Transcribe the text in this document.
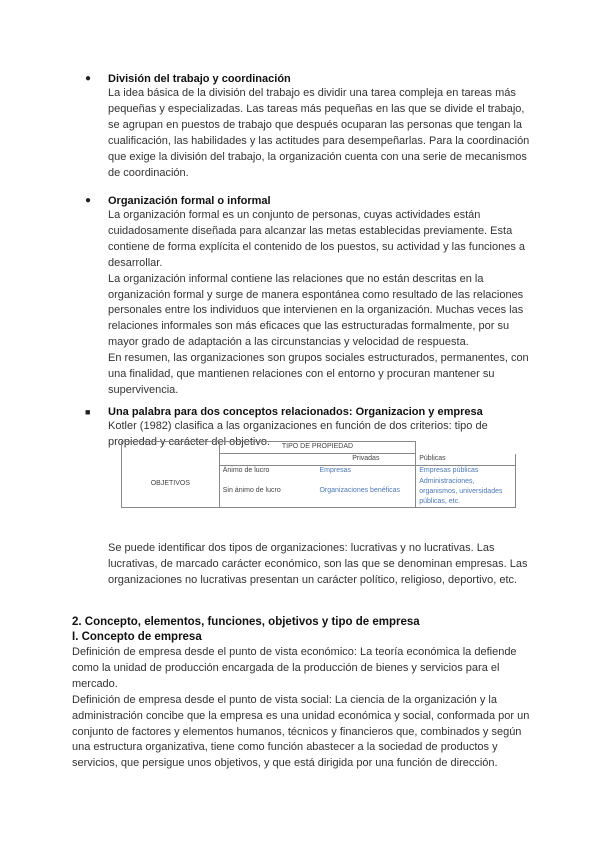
●	División del trabajo y coordinación

La idea básica de la división del trabajo es dividir una tarea compleja en tareas más pequeñas y especializadas. Las tareas más pequeñas en las que se divide el trabajo, se agrupan en puestos de trabajo que después ocuparan las personas que tengan la cualificación, las habilidades y las actitudes para desempeñarlas. Para la coordinación que exige la división del trabajo, la organización cuenta con una serie de mecanismos de coordinación.

●	Organización formal o informal

La organización formal es un conjunto de personas, cuyas actividades están cuidadosamente diseñada para alcanzar las metas establecidas previamente. Esta contiene de forma explícita el contenido de los puestos, su actividad y las funciones a desarrollar.

La organización informal contiene las relaciones que no están descritas en la organización formal y surge de manera espontánea como resultado de las relaciones personales entre los individuos que intervienen en la organización. Muchas veces las relaciones informales son más eficaces que las estructuradas formalmente, por su mayor grado de adaptación a las circunstancias y velocidad de respuesta.

En resumen, las organizaciones son grupos sociales estructurados, permanentes, con una finalidad, que mantienen relaciones con el entorno y procuran mantener su supervivencia.

■	Una palabra para dos conceptos relacionados: Organizacion y empresa

Kotler (1982) clasifica a las organizaciones en función de dos criterios: tipo de propiedad y carácter del objetivo.

		TIPO DE PROPIEDAD		
		Privadas	Públicas
OBJETIVOS	Ánimo de lucro	Empresas	Empresas públicas
	Sin ánimo de lucro	Organizaciones benéficas	Administraciones, organismos, universidades públicas, etc.

Se puede identificar dos tipos de organizaciones: lucrativas y no lucrativas. Las lucrativas, de marcado carácter económico, son las que se denominan empresas. Las organizaciones no lucrativas presentan un carácter político, religioso, deportivo, etc.

2. Concepto, elementos, funciones, objetivos y tipo de empresa
I. Concepto de empresa

Definición de empresa desde el punto de vista económico: La teoría económica la defiende como la unidad de producción encargada de la producción de bienes y servicios para el mercado.

Definición de empresa desde el punto de vista social: La ciencia de la organización y la administración concibe que la empresa es una unidad económica y social, conformada por un conjunto de factores y elementos humanos, técnicos y financieros que, combinados y según una estructura organizativa, tiene como función abastecer a la sociedad de productos y servicios, que persigue unos objetivos, y que está dirigida por una función de dirección.
